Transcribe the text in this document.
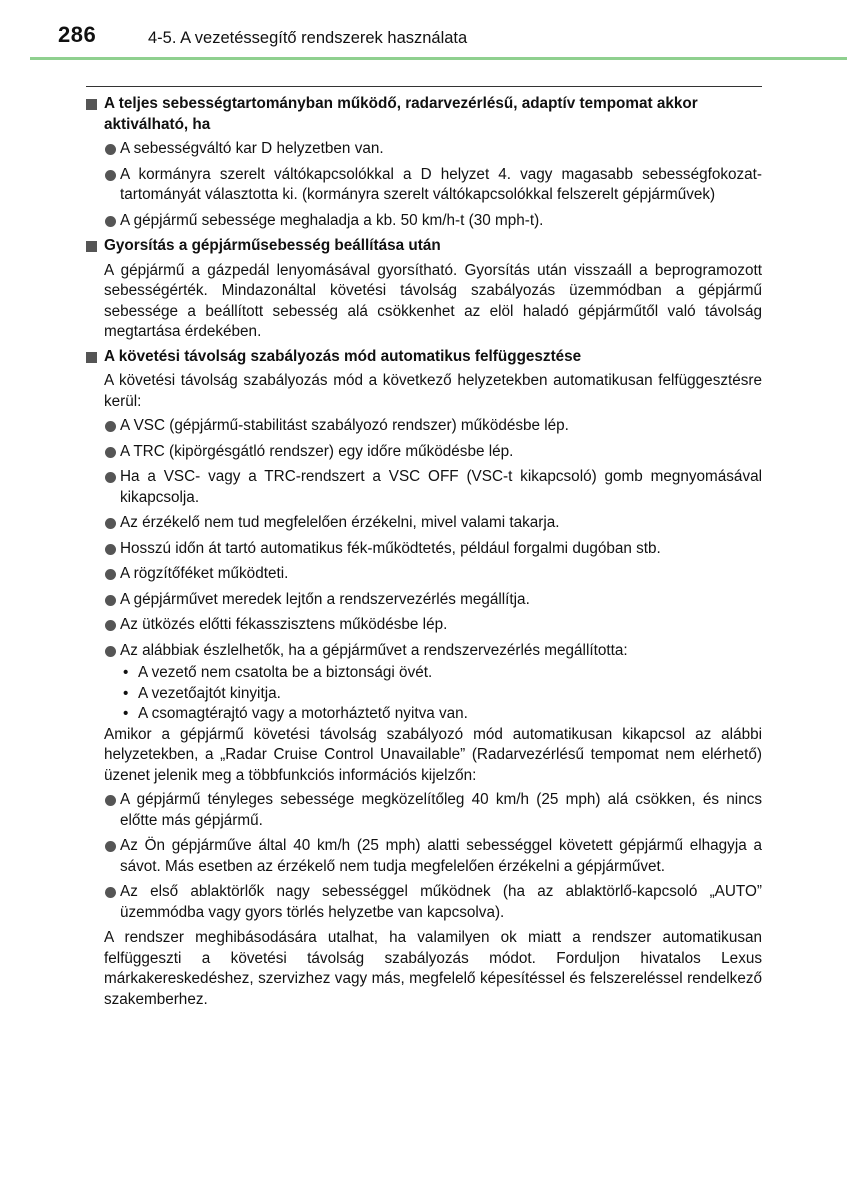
286	4-5. A vezetéssegítő rendszerek használata
A teljes sebességtartományban működő, radarvezérlésű, adaptív tempomat akkor aktiválható, ha
A sebességváltó kar D helyzetben van.
A kormányra szerelt váltókapcsolókkal a D helyzet 4. vagy magasabb sebességfokozat-tartományát választotta ki. (kormányra szerelt váltókapcsolókkal felszerelt gépjárművek)
A gépjármű sebessége meghaladja a kb. 50 km/h-t (30 mph-t).
Gyorsítás a gépjárműsebesség beállítása után
A gépjármű a gázpedál lenyomásával gyorsítható. Gyorsítás után visszaáll a beprogramozott sebességérték. Mindazonáltal követési távolság szabályozás üzemmódban a gépjármű sebessége a beállított sebesség alá csökkenhet az elöl haladó gépjárműtől való távolság megtartása érdekében.
A követési távolság szabályozás mód automatikus felfüggesztése
A követési távolság szabályozás mód a következő helyzetekben automatikusan felfüggesztésre kerül:
A VSC (gépjármű-stabilitást szabályozó rendszer) működésbe lép.
A TRC (kipörgésgátló rendszer) egy időre működésbe lép.
Ha a VSC- vagy a TRC-rendszert a VSC OFF (VSC-t kikapcsoló) gomb megnyomásával kikapcsolja.
Az érzékelő nem tud megfelelően érzékelni, mivel valami takarja.
Hosszú időn át tartó automatikus fék-működtetés, például forgalmi dugóban stb.
A rögzítőféket működteti.
A gépjárművet meredek lejtőn a rendszervezérlés megállítja.
Az ütközés előtti fékasszisztens működésbe lép.
Az alábbiak észlelhetők, ha a gépjárművet a rendszervezérlés megállította:
• A vezető nem csatolta be a biztonsági övét.
• A vezetőajtót kinyitja.
• A csomagtérajtó vagy a motorháztető nyitva van.
Amikor a gépjármű követési távolság szabályozó mód automatikusan kikapcsol az alábbi helyzetekben, a „Radar Cruise Control Unavailable” (Radarvezérlésű tempomat nem elérhető) üzenet jelenik meg a többfunkciós információs kijelzőn:
A gépjármű tényleges sebessége megközelítőleg 40 km/h (25 mph) alá csökken, és nincs előtte más gépjármű.
Az Ön gépjárműve által 40 km/h (25 mph) alatti sebességgel követett gépjármű elhagyja a sávot. Más esetben az érzékelő nem tudja megfelelően érzékelni a gépjárművet.
Az első ablaktörlők nagy sebességgel működnek (ha az ablaktörlő-kapcsoló „AUTO” üzemmódba vagy gyors törlés helyzetbe van kapcsolva).
A rendszer meghibásodására utalhat, ha valamilyen ok miatt a rendszer automatikusan felfüggeszti a követési távolság szabályozás módot. Forduljon hivatalos Lexus márkakereskedéshez, szervizhez vagy más, megfelelő képesítéssel és felszereléssel rendelkező szakemberhez.
